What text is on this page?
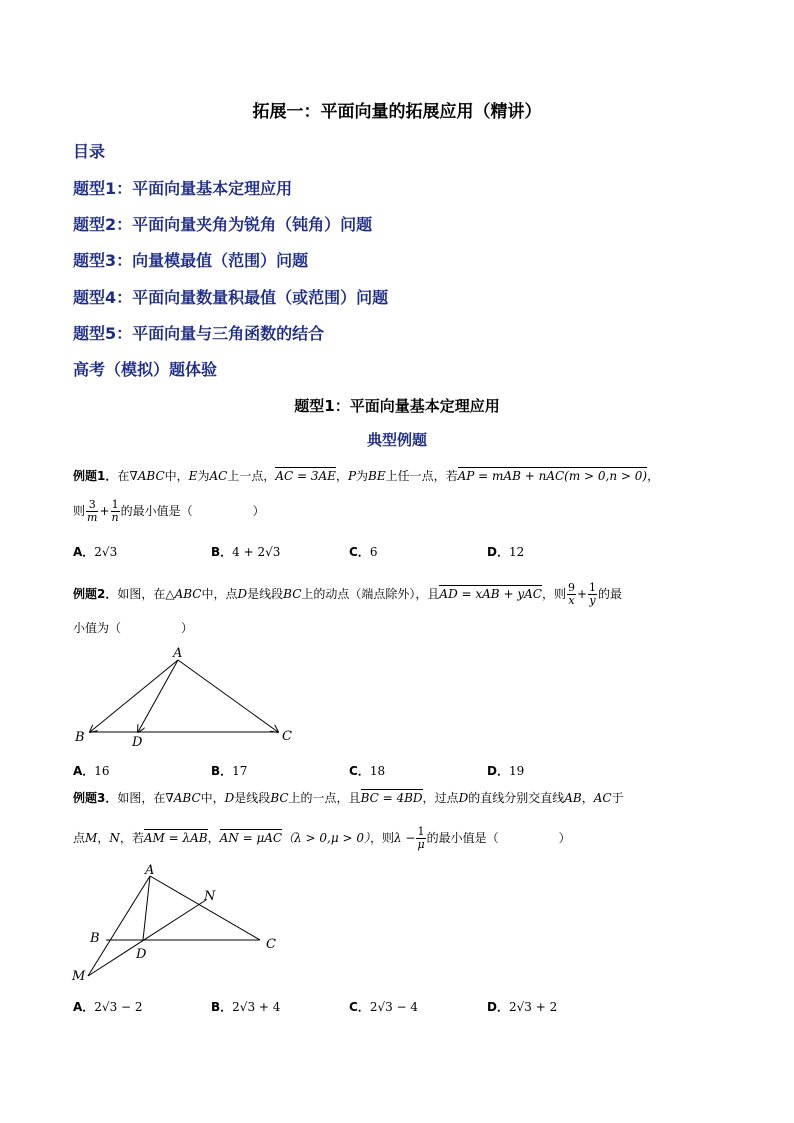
拓展一：平面向量的拓展应用（精讲）
目录
题型1：平面向量基本定理应用
题型2：平面向量夹角为锐角（钝角）问题
题型3：向量模最值（范围）问题
题型4：平面向量数量积最值（或范围）问题
题型5：平面向量与三角函数的结合
高考（模拟）题体验
题型1：平面向量基本定理应用
典型例题
例题1．在∇ABC中，E为AC上一点，AC = 3AE，P为BE上任一点，若AP = mAB + nAC(m > 0,n > 0)，
则 $\frac{3}{m} + \frac{1}{n}$ 的最小值是（	）
A．2√3	B．4 + 2√3	C．6	D．12
例题2．如图，在△ABC中，点D是线段BC上的动点（端点除外），且AD = xAB + yAC，则 $\frac{9}{x} + \frac{1}{y}$ 的最
小值为（	）
A
B	D	C
A．16	B．17	C．18	D．19
例题3．如图，在∇ABC中，D是线段BC上的一点，且BC = 4BD，过点D的直线分别交直线AB，AC于
点M，N，若AM = λAB，AN = μAC（λ > 0,μ > 0），则$\lambda - \frac{1}{\mu}$ 的最小值是（	）
A
B	C
D
M
N
A．2√3 − 2	B．2√3 + 4	C．2√3 − 4	D．2√3 + 2
